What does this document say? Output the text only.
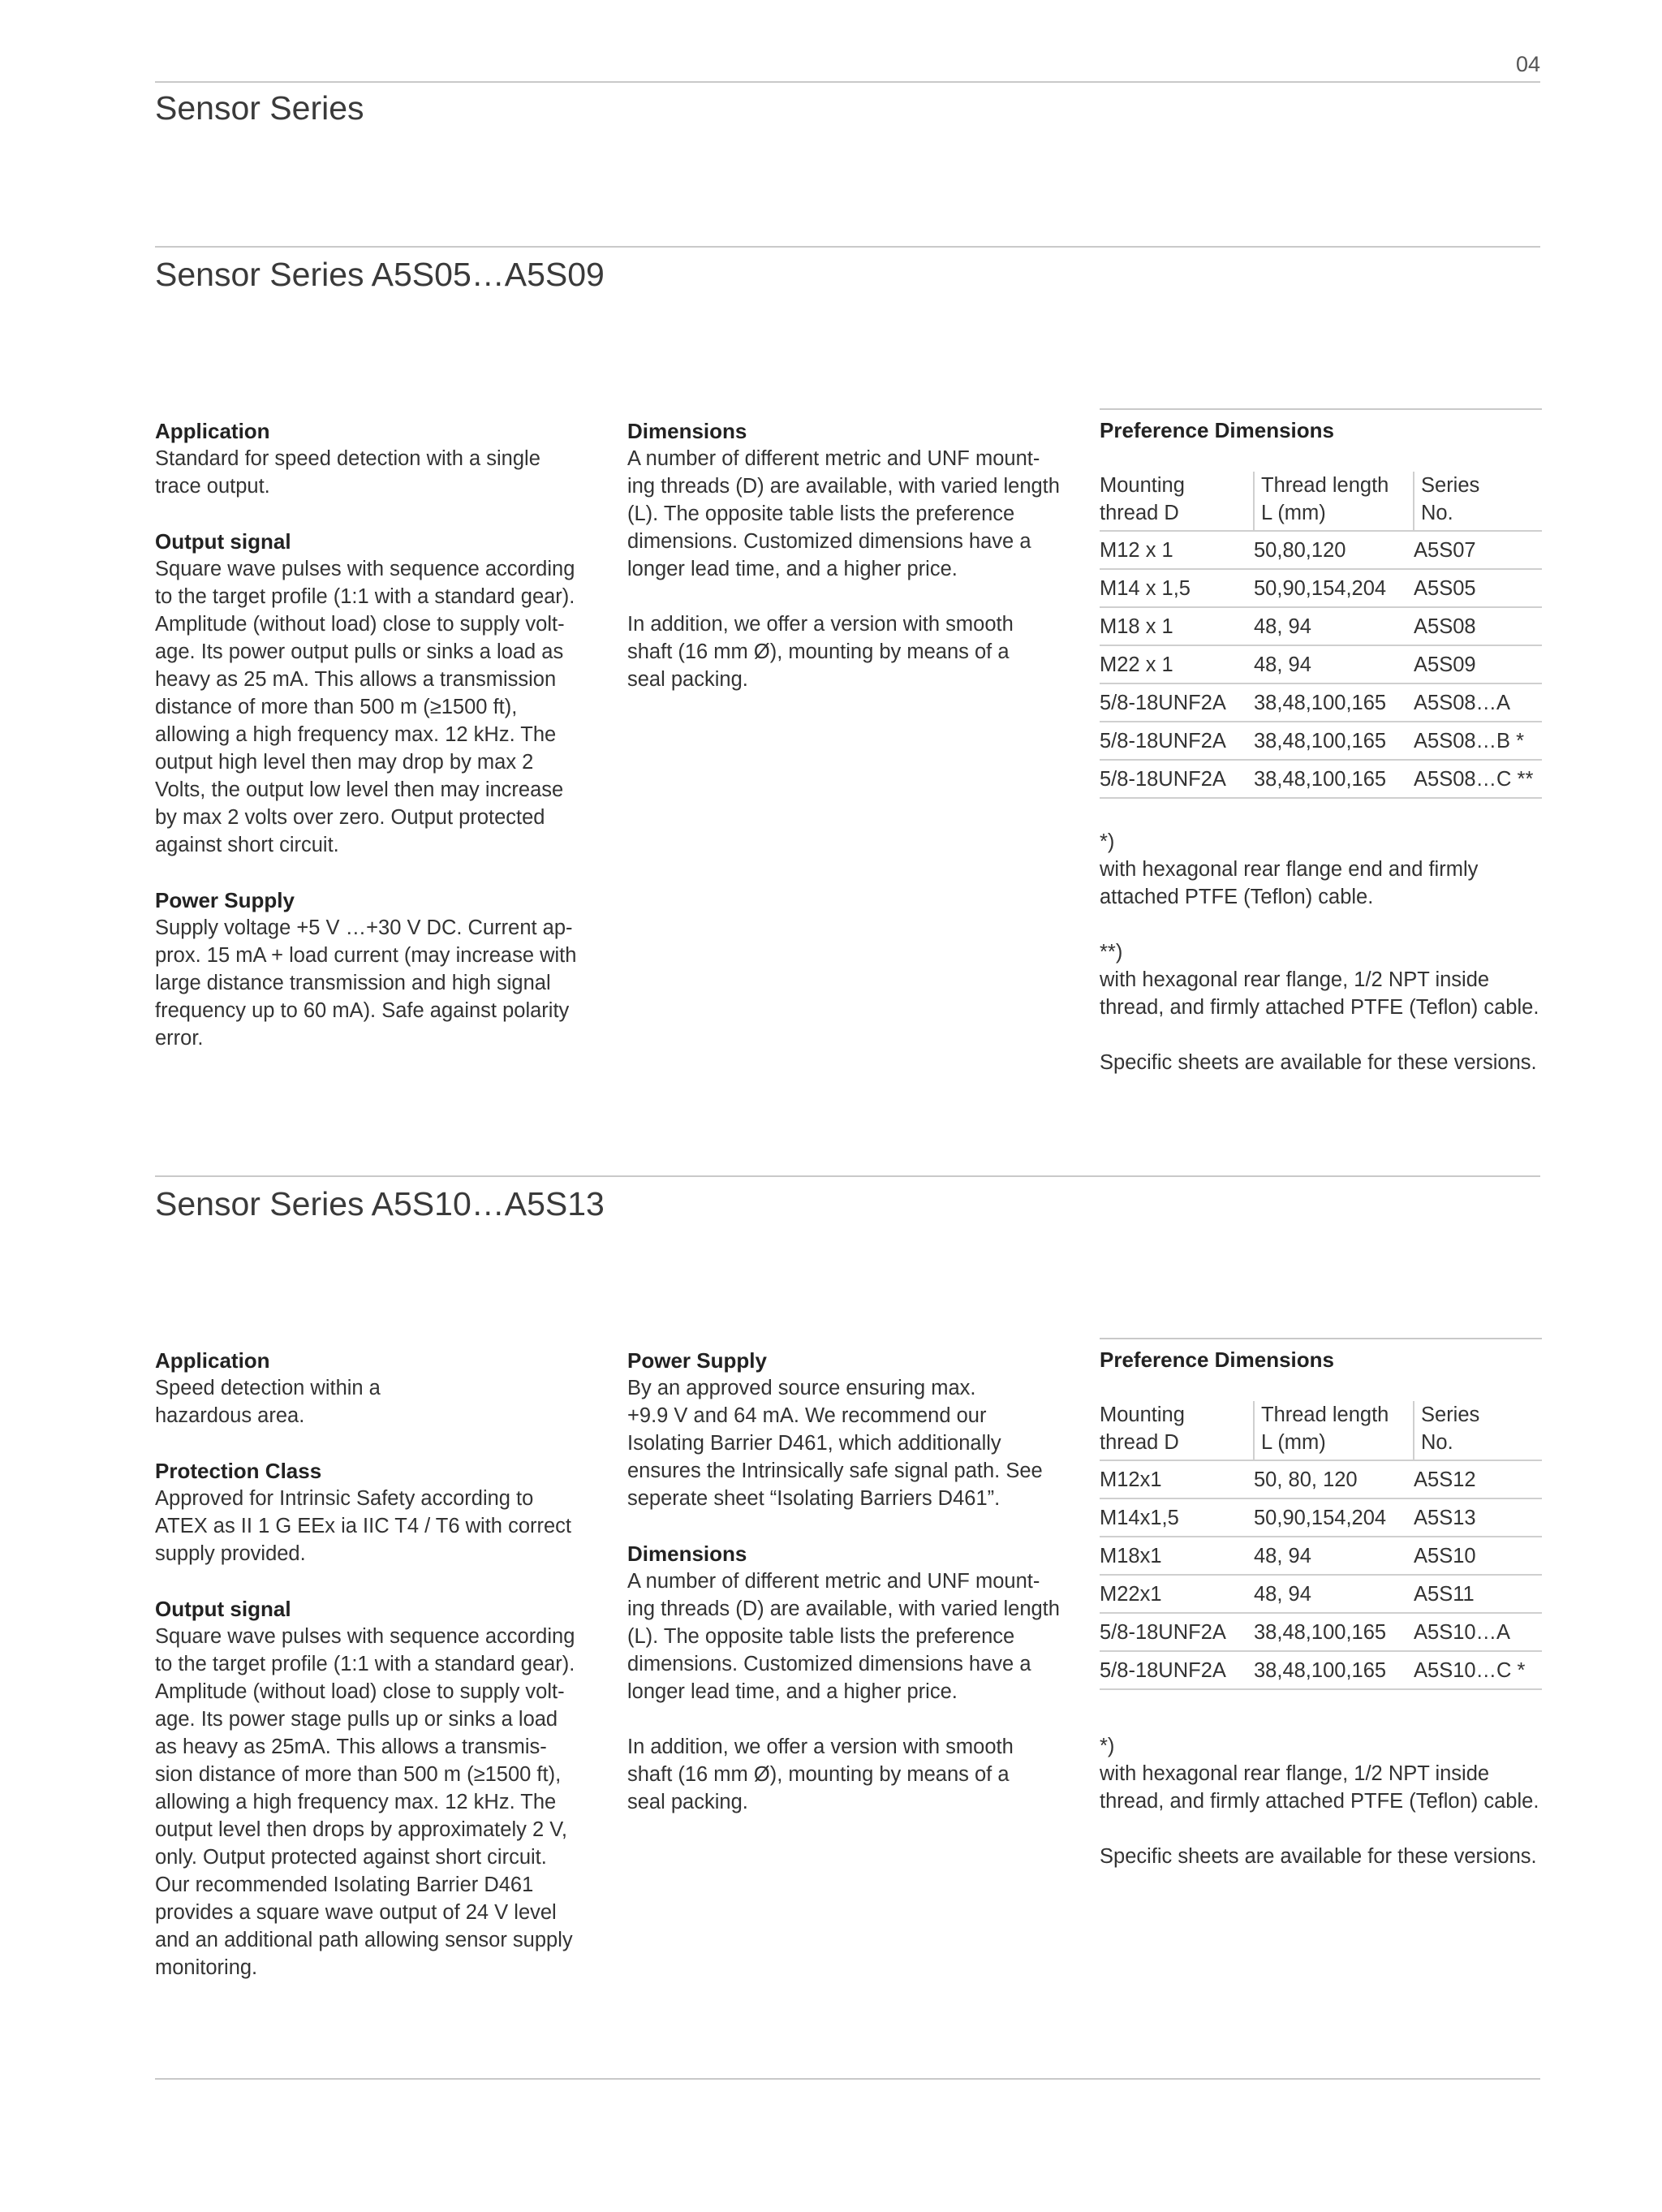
04
Sensor Series
Sensor Series A5S05…A5S09
Application

Standard for speed detection with a single
trace output.

Output signal

Square wave pulses with sequence according
to the target profile (1:1 with a standard gear).
Amplitude (without load) close to supply volt-
age. Its power output pulls or sinks a load as
heavy as 25 mA. This allows a transmission
distance of more than 500 m (≥1500 ft),
allowing a high frequency max. 12 kHz. The
output high level then may drop by max 2
Volts, the output low level then may increase
by max 2 volts over zero. Output protected
against short circuit.

Power Supply

Supply voltage +5 V …+30 V DC. Current ap-
prox. 15 mA + load current (may increase with
large distance transmission and high signal
frequency up to 60 mA). Safe against polarity
error.

Dimensions

A number of different metric and UNF mount-
ing threads (D) are available, with varied length
(L). The opposite table lists the preference
dimensions. Customized dimensions have a
longer lead time, and a higher price.

In addition, we offer a version with smooth
shaft (16 mm Ø), mounting by means of a
seal packing.

Preference Dimensions
Mounting
thread D	Thread length
L (mm)	Series
No.
M12 x 1	50,80,120	A5S07
M14 x 1,5	50,90,154,204	A5S05
M18 x 1	48, 94	A5S08
M22 x 1	48, 94	A5S09
5/8-18UNF2A	38,48,100,165	A5S08…A
5/8-18UNF2A	38,48,100,165	A5S08…B *
5/8-18UNF2A	38,48,100,165	A5S08…C **

*)
with hexagonal rear flange end and firmly
attached PTFE (Teflon) cable.

**)
with hexagonal rear flange, 1/2 NPT inside
thread, and firmly attached PTFE (Teflon) cable.

Specific sheets are available for these versions.

Sensor Series A5S10…A5S13
Application

Speed detection within a
hazardous area.

Protection Class

Approved for Intrinsic Safety according to
ATEX as II 1 G EEx ia IIC T4 / T6 with correct
supply provided.

Output signal

Square wave pulses with sequence according
to the target profile (1:1 with a standard gear).
Amplitude (without load) close to supply volt-
age. Its power stage pulls up or sinks a load
as heavy as 25mA. This allows a transmis-
sion distance of more than 500 m (≥1500 ft),
allowing a high frequency max. 12 kHz. The
output level then drops by approximately 2 V,
only. Output protected against short circuit.
Our recommended Isolating Barrier D461
provides a square wave output of 24 V level
and an additional path allowing sensor supply
monitoring.

Power Supply

By an approved source ensuring max.
+9.9 V and 64 mA. We recommend our
Isolating Barrier D461, which additionally
ensures the Intrinsically safe signal path. See
seperate sheet “Isolating Barriers D461”.

Dimensions

A number of different metric and UNF mount-
ing threads (D) are available, with varied length
(L). The opposite table lists the preference
dimensions. Customized dimensions have a
longer lead time, and a higher price.

In addition, we offer a version with smooth
shaft (16 mm Ø), mounting by means of a
seal packing.

Preference Dimensions
Mounting
thread D	Thread length
L (mm)	Series
No.
M12x1	50, 80, 120	A5S12
M14x1,5	50,90,154,204	A5S13
M18x1	48, 94	A5S10
M22x1	48, 94	A5S11
5/8-18UNF2A	38,48,100,165	A5S10…A
5/8-18UNF2A	38,48,100,165	A5S10…C *

*)
with hexagonal rear flange, 1/2 NPT inside
thread, and firmly attached PTFE (Teflon) cable.

Specific sheets are available for these versions.
